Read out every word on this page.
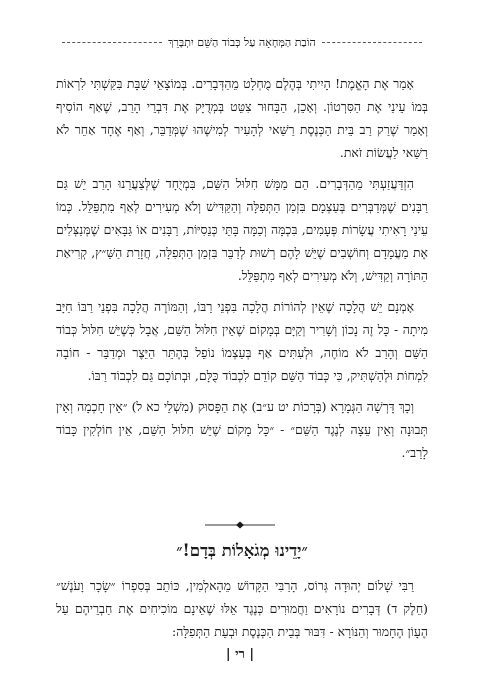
הוֹבַת הַמְּחָאָה עַל כְּבוֹד הַשֵּׁם יִתְבָּרֵךְ

אָמַר אֶת הָאֱמֶת! הָיִיתִי בְּהֶלֶם מֻחְלָט מֵהַדְּבָרִים. בְּמוֹצָאֵי שַׁבָּת בִּקַּשְׁתִּי לִרְאוֹת בְּמוֹ עֵינַי אֶת הַסִּרְטוֹן. וְאָכֵן, הַבָּחוּר צִטֵּט בְּמְדֻיָּק אֶת דִּבְרֵי הָרַב, שֶׁאַף הוֹסִיף וְאָמַר שֶׁרַק רַב בֵּית הַכְּנֶסֶת רַשַּׁאי לְהָעִיר לְמִישֶׁהוּ שֶׁמְּדַבֵּר, וְאַף אֶחָד אַחֵר לֹא רַשַּׁאי לַעֲשׂוֹת זֹאת.

הִזְדַּעֲזַעְתִּי מֵהַדְּבָרִים. הֵם מַמָּשׁ חִלּוּל הַשֵּׁם, בִּמְיֻחָד שֶׁלְּצַעֲרֵנוּ הָרַב יֵשׁ גַּם רַבָּנִים שֶׁמְּדַבְּרִים בְּעַצְמָם בִּזְמַן הַתְּפִלָּה וְהַקַּדִּישׁ וְלֹא מְעִירִים לְאַף מִתְפַּלֵּל. כְּמוֹ עֵינַי רָאִיתִי עֲשָׂרוֹת פְּעָמִים, בִּכְמָּה וְכַמָּה בָּתֵּי כְּנֵסִיּוֹת, רַבָּנִים אוֹ גַּבָּאִים שֶׁמְּנַצְּלִים אֶת מַעֲמָדָם וְחוֹשְׁבִים שֶׁיֵּשׁ לָהֶם רְשׁוּת לְדַבֵּר בִּזְמַן הַתְּפִלָּה, חֲזָרַת הַשַּׁ״ץ, קְרִיאַת הַתּוֹרָה וְקַדִּישׁ, וְלֹא מְעִירִים לְאַף מִתְפַּלֵּל.

אָמְנָם יֵשׁ הֲלָכָה שֶׁאֵין לְהוֹרוֹת הֲלָכָה בִּפְנֵי רַבּוֹ, וְהַמּוֹרֶה הֲלָכָה בִּפְנֵי רַבּוֹ חַיָּב מִיתָה - כָּל זֶה נָכוֹן וְשָׁרִיר וְקַיָּם בְּמָקוֹם שֶׁאֵין חִלּוּל הַשֵּׁם, אֲבָל כְּשֶׁיֵּשׁ חִלּוּל כְּבוֹד הַשֵּׁם וְהָרַב לֹא מוֹחֶה, וּלְעִתִּים אַף בְּעַצְמוֹ נוֹפֵל בְּהֶתֵּר הַיֵּצֶר וּמְדַבֵּר - חוֹבָה לִמְחוֹת וּלְהַשְׁתִּיק, כִּי כְּבוֹד הַשֵּׁם קוֹדֵם לִכְבוֹד כֻּלָּם, וּבְתוֹכָם גַּם לִכְבוֹד רַבּוֹ.

וְכָךְ דָּרְשָׁה הַגְּמָרָא (בְּרָכוֹת יט ע״ב) אֶת הַפָּסוּק (מִשְׁלֵי כא ל) ״אֵין חָכְמָה וְאֵין תְּבוּנָה וְאֵין עֵצָה לְנֶגֶד הַשֵּׁם״ - ״כָּל מָקוֹם שֶׁיֵּשׁ חִלּוּל הַשֵּׁם, אֵין חוֹלְקִין כָּבוֹד לָרַב״.

״יָדֵינוּ מְגֹאָלוֹת בְּדָם!״

רַבִּי שָׁלוֹם יְהוּדָה גְּרוֹס, הָרַבִּי הַקָּדוֹשׁ מֵהָאלְמִין, כּוֹתֵב בְּסִפְרוֹ ״שָׂכָר וָעֹנֶשׁ״ (חֵלֶק ד) דְּבָרִים נוֹרָאִים וַחֲמוּרִים כְּנֶגֶד אֵלּוּ שֶׁאֵינָם מוֹכִיחִים אֶת חַבְרֵיהֶם עַל הֶעָוֹן הֶחָמוּר וְהַנּוֹרָא - דִּבּוּר בְּבֵית הַכְּנֶסֶת וּבְעֵת הַתְּפִלָּה:

| רי |
